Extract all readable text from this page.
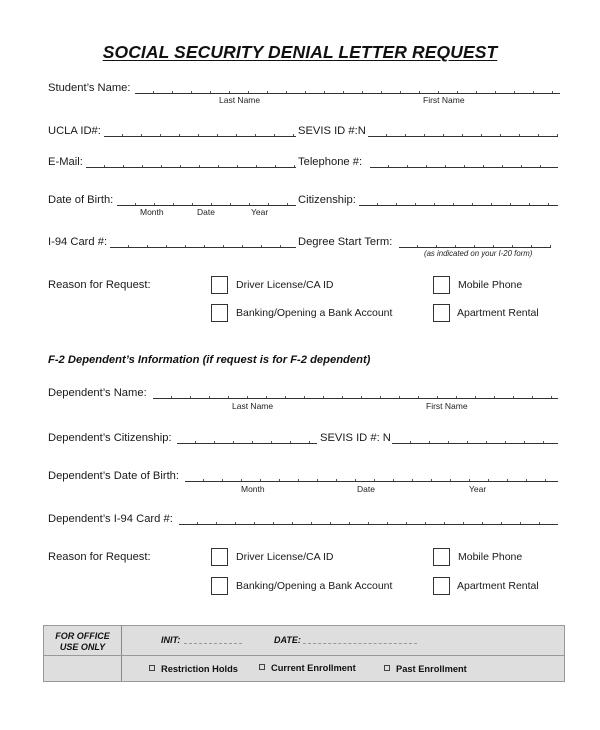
SOCIAL SECURITY DENIAL LETTER REQUEST
Student’s Name:
Last Name	First Name
UCLA ID#:	SEVIS ID #:N
E-Mail:	Telephone #:
Date of Birth:
Month	Date	Year
Citizenship:
I-94 Card #:	Degree Start Term:
(as indicated on your I-20 form)
Reason for Request:	Driver License/CA ID	Mobile Phone
Banking/Opening a Bank Account	Apartment Rental
F-2 Dependent’s Information (if request is for F-2 dependent)
Dependent’s Name:
Last Name	First Name
Dependent’s Citizenship:	SEVIS ID #: N
Dependent’s Date of Birth:
Month	Date	Year
Dependent’s I-94 Card #:
Reason for Request:	Driver License/CA ID	Mobile Phone
Banking/Opening a Bank Account	Apartment Rental
FOR OFFICE
USE ONLY
INIT:	DATE:
Restriction Holds	Current Enrollment	Past Enrollment
